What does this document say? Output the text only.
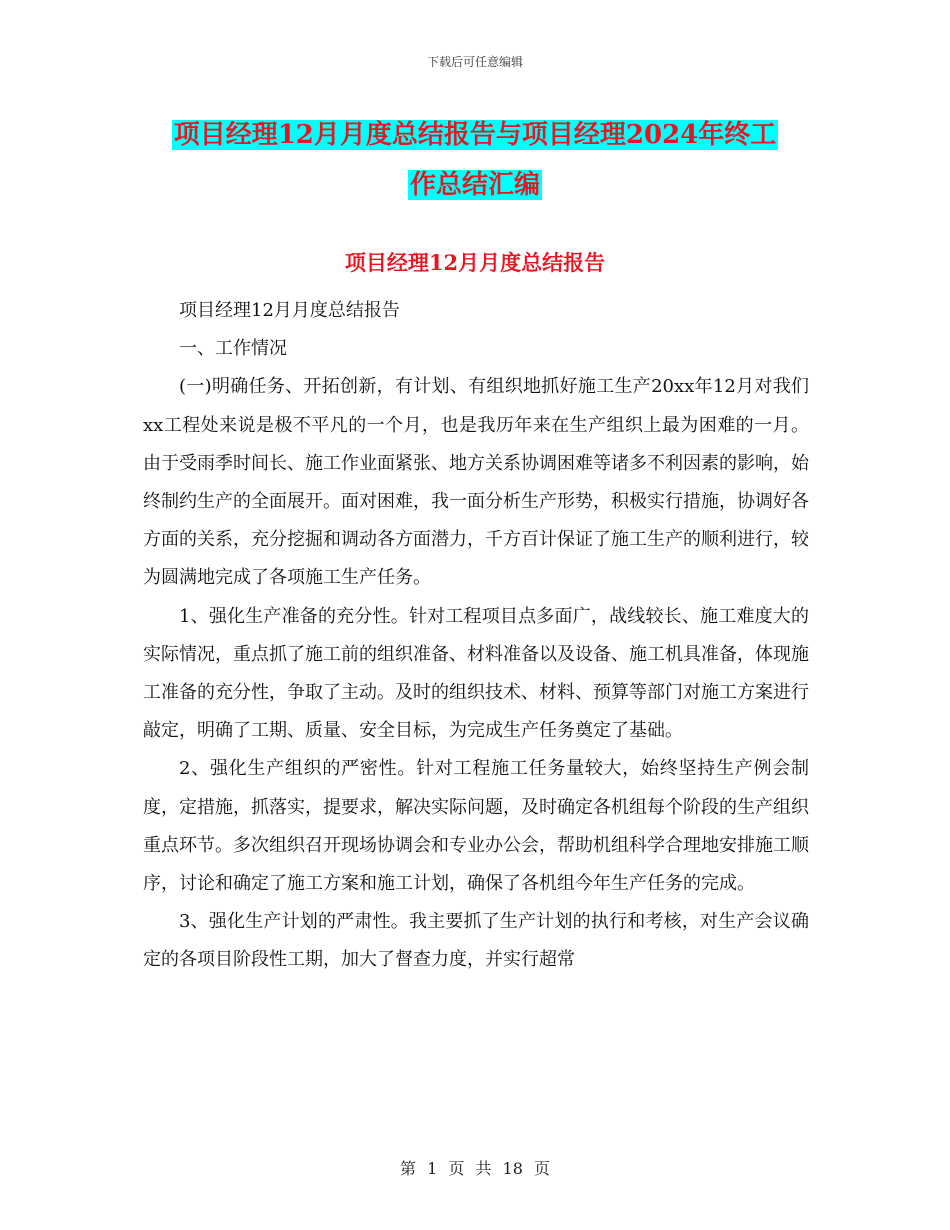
下载后可任意编辑
项目经理12月月度总结报告与项目经理2024年终工
作总结汇编
项目经理12月月度总结报告

项目经理12月月度总结报告

一、工作情况

(一)明确任务、开拓创新，有计划、有组织地抓好施工生产20xx年12月对我们xx工程处来说是极不平凡的一个月，也是我历年来在生产组织上最为困难的一月。由于受雨季时间长、施工作业面紧张、地方关系协调困难等诸多不利因素的影响，始终制约生产的全面展开。面对困难，我一面分析生产形势，积极实行措施，协调好各方面的关系，充分挖掘和调动各方面潜力，千方百计保证了施工生产的顺利进行，较为圆满地完成了各项施工生产任务。

1、强化生产准备的充分性。针对工程项目点多面广，战线较长、施工难度大的实际情况，重点抓了施工前的组织准备、材料准备以及设备、施工机具准备，体现施工准备的充分性，争取了主动。及时的组织技术、材料、预算等部门对施工方案进行敲定，明确了工期、质量、安全目标，为完成生产任务奠定了基础。

2、强化生产组织的严密性。针对工程施工任务量较大，始终坚持生产例会制度，定措施，抓落实，提要求，解决实际问题，及时确定各机组每个阶段的生产组织重点环节。多次组织召开现场协调会和专业办公会，帮助机组科学合理地安排施工顺序，讨论和确定了施工方案和施工计划，确保了各机组今年生产任务的完成。

3、强化生产计划的严肃性。我主要抓了生产计划的执行和考核，对生产会议确定的各项目阶段性工期，加大了督查力度，并实行超常

第 1 页 共 18 页
